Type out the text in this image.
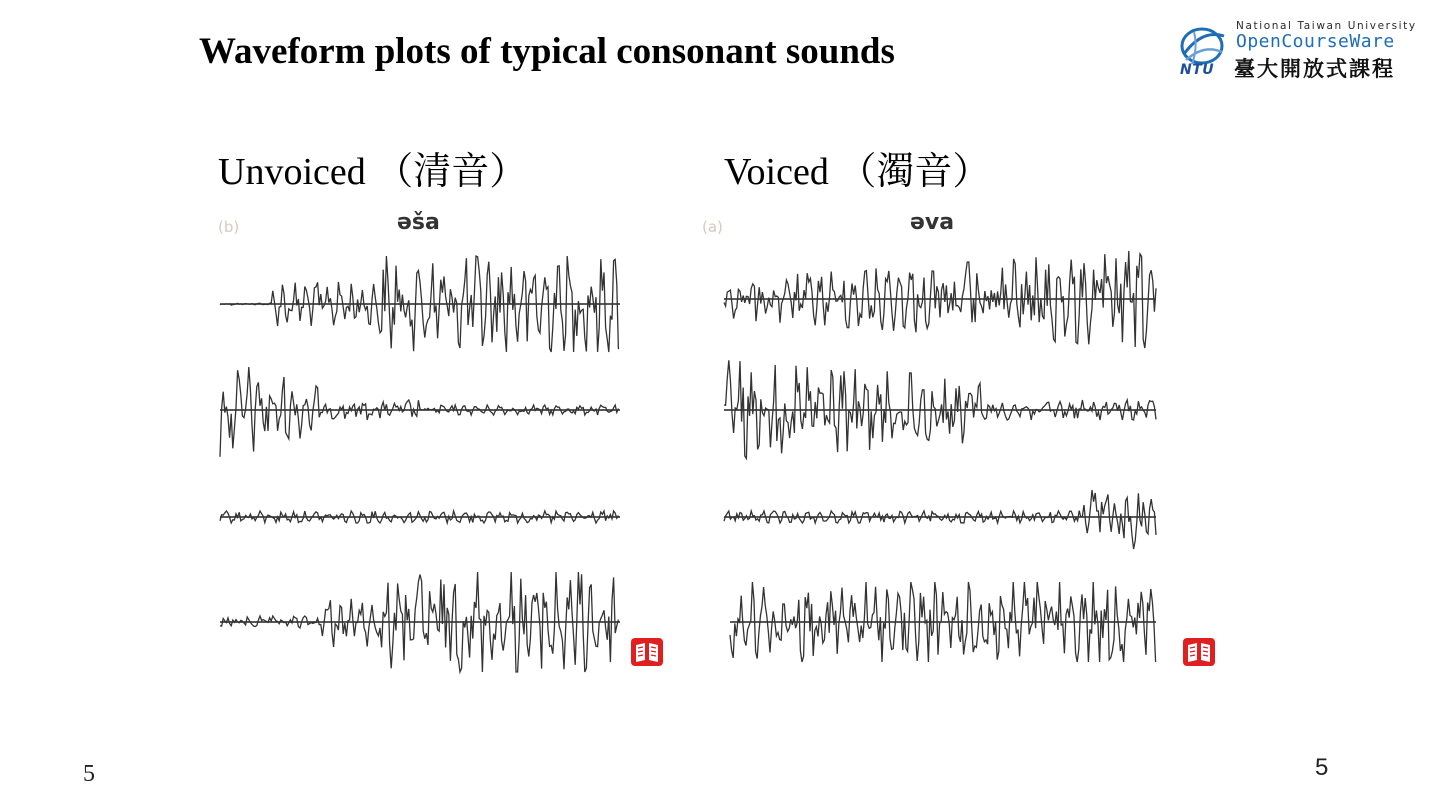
Waveform plots of typical consonant sounds	NTU
National Taiwan University
OpenCourseWare
臺大開放式課程
Unvoiced （清音）	Voiced （濁音）
(b)	(a)
əša	əva
5	5
